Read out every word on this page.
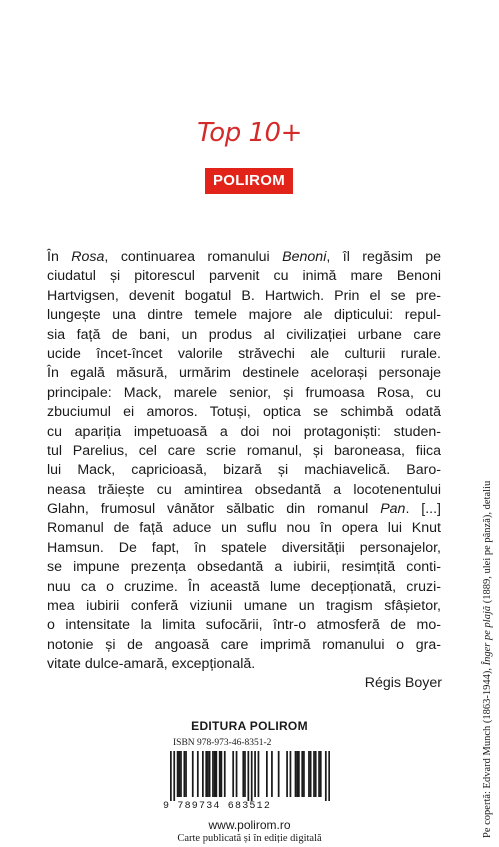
Top 10+
POLIROM
În Rosa, continuarea romanului Benoni, îl regăsim pe
ciudatul și pitorescul parvenit cu inimă mare Benoni
Hartvigsen, devenit bogatul B. Hartwich. Prin el se pre-
lungește una dintre temele majore ale dipticului: repul-
sia față de bani, un produs al civilizației urbane care
ucide încet-încet valorile străvechi ale culturii rurale.
În egală măsură, urmărim destinele acelorași personaje
principale: Mack, marele senior, și frumoasa Rosa, cu
zbuciumul ei amoros. Totuși, optica se schimbă odată
cu apariția impetuoasă a doi noi protagoniști: studen-
tul Parelius, cel care scrie romanul, și baroneasa, fiica
lui Mack, capricioasă, bizară și machiavelică. Baro-
neasa trăiește cu amintirea obsedantă a locotenentului
Glahn, frumosul vânător sălbatic din romanul Pan. [...]
Romanul de față aduce un suflu nou în opera lui Knut
Hamsun. De fapt, în spatele diversității personajelor,
se impune prezența obsedantă a iubirii, resimțită conti-
nuu ca o cruzime. În această lume decepționată, cruzi-
mea iubirii conferă viziunii umane un tragism sfâșietor,
o intensitate la limita sufocării, într-o atmosferă de mo-
notonie și de angoasă care imprimă romanului o gra-
vitate dulce-amară, excepțională.
Régis Boyer
EDITURA POLIROM
ISBN 978-973-46-8351-2
9 789734 683512
www.polirom.ro
Carte publicată și în ediție digitală
Pe copertă: Edvard Munch (1863-1944), Înger pe plajă (1889, ulei pe pânză), detaliu
